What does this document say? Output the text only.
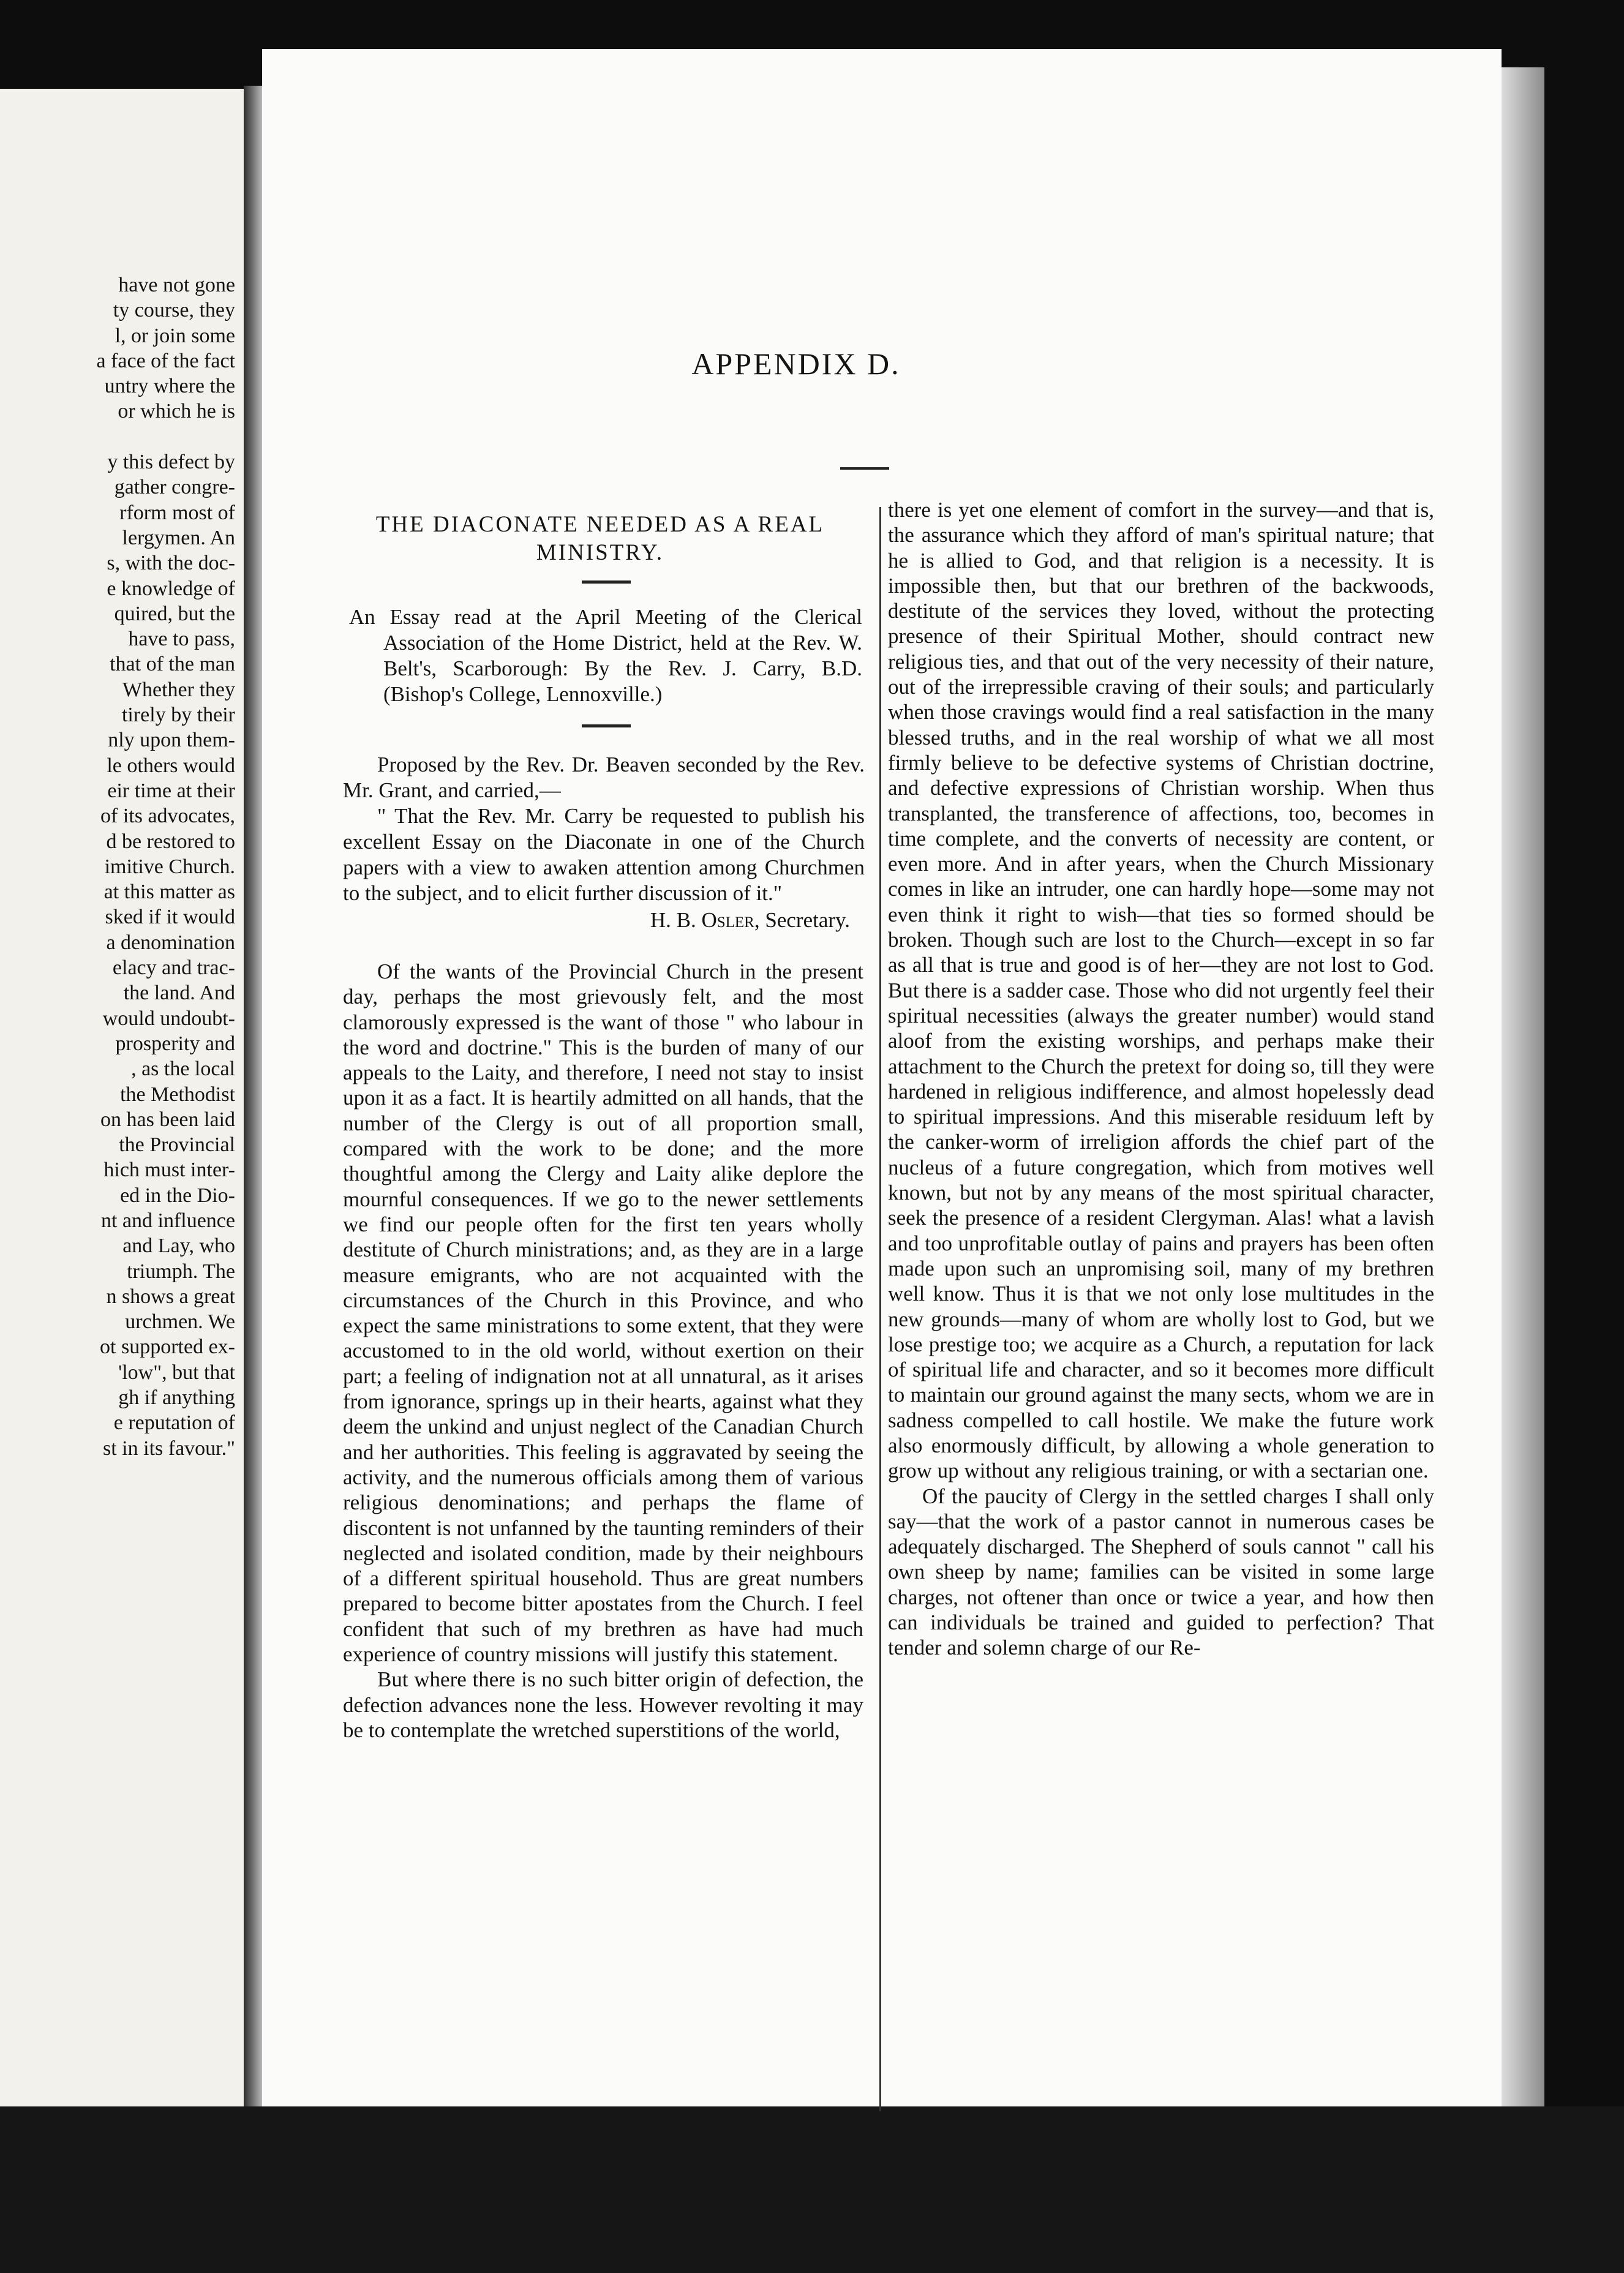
have not gone
ty course, they
l, or join some
a face of the fact
untry where the
or which he is

y this defect by
gather congre-
rform most of
lergymen. An
s, with the doc-
e knowledge of
quired, but the
have to pass,
that of the man
Whether they
tirely by their
nly upon them-
le others would
eir time at their
of its advocates,
d be restored to
imitive Church.
at this matter as
sked if it would
a denomination
elacy and trac-
the land. And
would undoubt-
prosperity and
, as the local
the Methodist
on has been laid
the Provincial
hich must inter-
ed in the Dio-
nt and influence
and Lay, who
triumph. The
n shows a great
urchmen. We
ot supported ex-
'low", but that
gh if anything
e reputation of
st in its favour."
APPENDIX D.
THE DIACONATE NEEDED AS A REAL MINISTRY.
An Essay read at the April Meeting of the Clerical Association of the Home District, held at the Rev. W. Belt's, Scarborough: By the Rev. J. Carry, B.D. (Bishop's College, Lennoxville.)

Proposed by the Rev. Dr. Beaven seconded by the Rev. Mr. Grant, and carried,—

" That the Rev. Mr. Carry be requested to publish his excellent Essay on the Diaconate in one of the Church papers with a view to awaken attention among Churchmen to the subject, and to elicit further discussion of it."

H. B. Osler, Secretary.

Of the wants of the Provincial Church in the present day, perhaps the most grievously felt, and the most clamorously expressed is the want of those " who labour in the word and doctrine." This is the burden of many of our appeals to the Laity, and therefore, I need not stay to insist upon it as a fact. It is heartily admitted on all hands, that the number of the Clergy is out of all proportion small, compared with the work to be done; and the more thoughtful among the Clergy and Laity alike deplore the mournful consequences. If we go to the newer settlements we find our people often for the first ten years wholly destitute of Church ministrations; and, as they are in a large measure emigrants, who are not acquainted with the circumstances of the Church in this Province, and who expect the same ministrations to some extent, that they were accustomed to in the old world, without exertion on their part; a feeling of indignation not at all unnatural, as it arises from ignorance, springs up in their hearts, against what they deem the unkind and unjust neglect of the Canadian Church and her authorities. This feeling is aggravated by seeing the activity, and the numerous officials among them of various religious denominations; and perhaps the flame of discontent is not unfanned by the taunting reminders of their neglected and isolated condition, made by their neighbours of a different spiritual household. Thus are great numbers prepared to become bitter apostates from the Church. I feel confident that such of my brethren as have had much experience of country missions will justify this statement.

But where there is no such bitter origin of defection, the defection advances none the less. However revolting it may be to contemplate the wretched superstitions of the world,

there is yet one element of comfort in the survey—and that is, the assurance which they afford of man's spiritual nature; that he is allied to God, and that religion is a necessity. It is impossible then, but that our brethren of the backwoods, destitute of the services they loved, without the protecting presence of their Spiritual Mother, should contract new religious ties, and that out of the very necessity of their nature, out of the irrepressible craving of their souls; and particularly when those cravings would find a real satisfaction in the many blessed truths, and in the real worship of what we all most firmly believe to be defective systems of Christian doctrine, and defective expressions of Christian worship. When thus transplanted, the transference of affections, too, becomes in time complete, and the converts of necessity are content, or even more. And in after years, when the Church Missionary comes in like an intruder, one can hardly hope—some may not even think it right to wish—that ties so formed should be broken. Though such are lost to the Church—except in so far as all that is true and good is of her—they are not lost to God. But there is a sadder case. Those who did not urgently feel their spiritual necessities (always the greater number) would stand aloof from the existing worships, and perhaps make their attachment to the Church the pretext for doing so, till they were hardened in religious indifference, and almost hopelessly dead to spiritual impressions. And this miserable residuum left by the canker-worm of irreligion affords the chief part of the nucleus of a future congregation, which from motives well known, but not by any means of the most spiritual character, seek the presence of a resident Clergyman. Alas! what a lavish and too unprofitable outlay of pains and prayers has been often made upon such an unpromising soil, many of my brethren well know. Thus it is that we not only lose multitudes in the new grounds—many of whom are wholly lost to God, but we lose prestige too; we acquire as a Church, a reputation for lack of spiritual life and character, and so it becomes more difficult to maintain our ground against the many sects, whom we are in sadness compelled to call hostile. We make the future work also enormously difficult, by allowing a whole generation to grow up without any religious training, or with a sectarian one.

Of the paucity of Clergy in the settled charges I shall only say—that the work of a pastor cannot in numerous cases be adequately discharged. The Shepherd of souls cannot " call his own sheep by name; families can be visited in some large charges, not oftener than once or twice a year, and how then can individuals be trained and guided to perfection? That tender and solemn charge of our Re-
